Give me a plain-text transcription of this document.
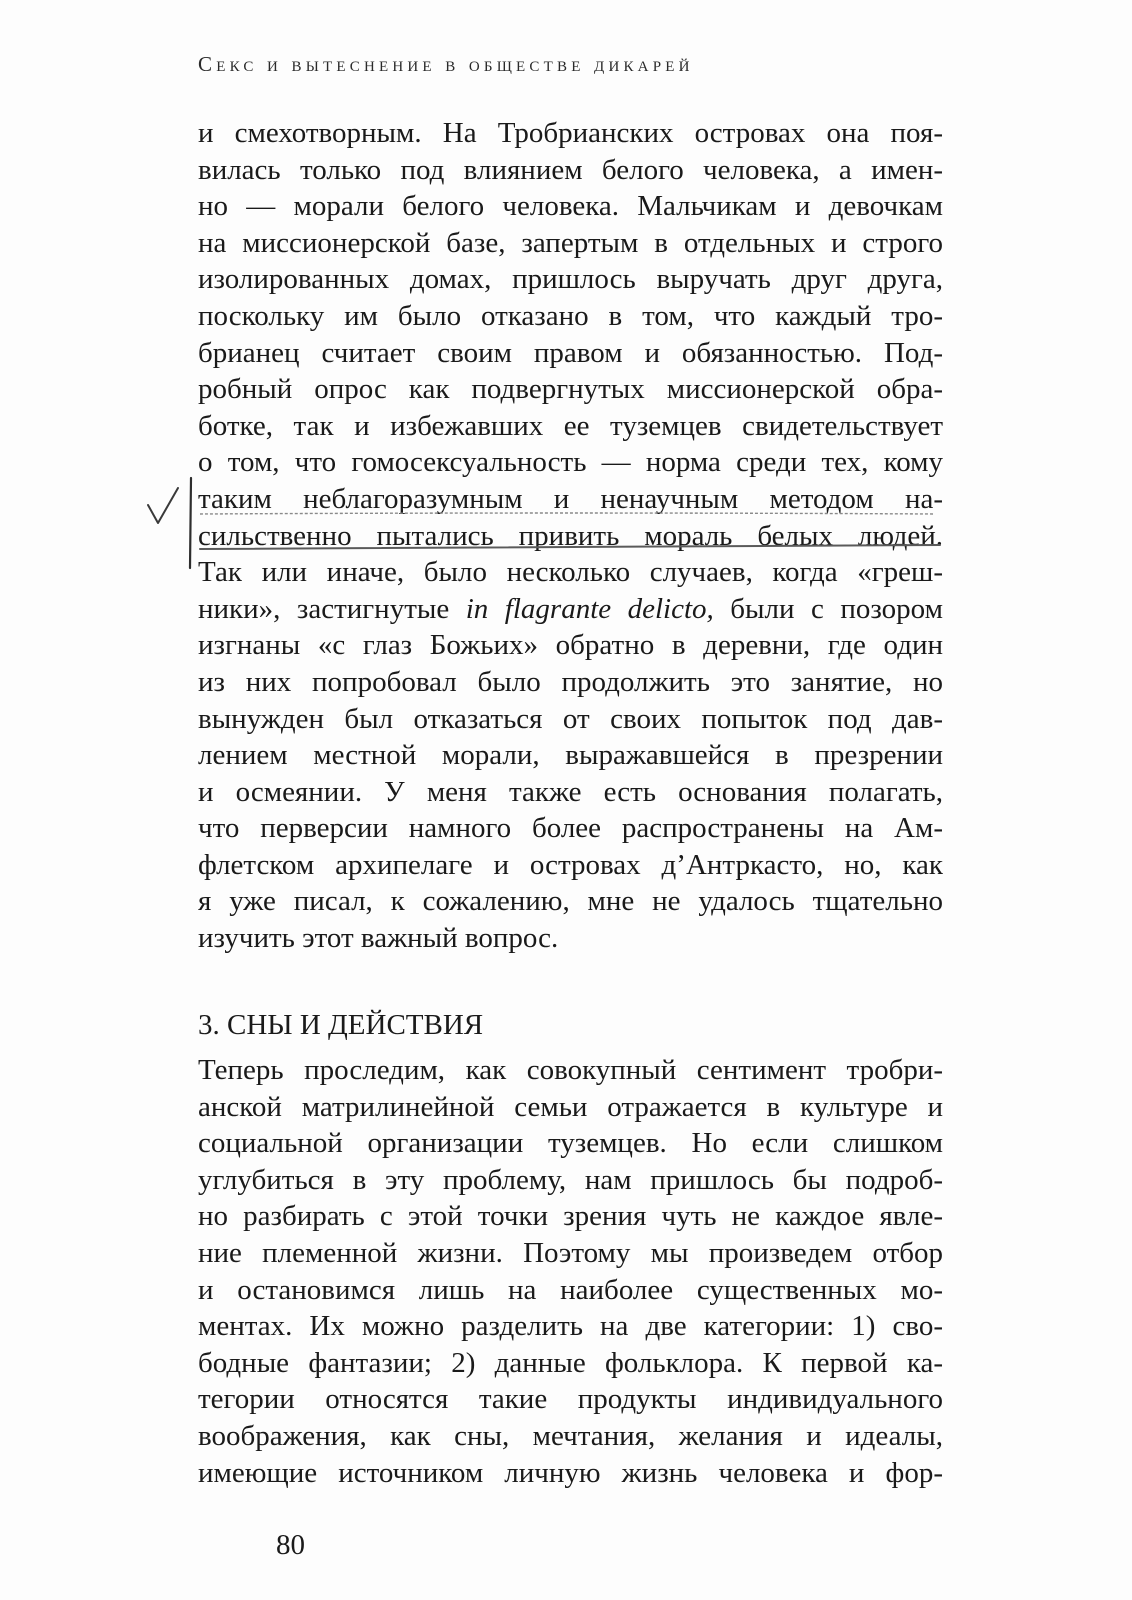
Секс и вытеснение в обществе дикарей
и смехотворным. На Тробрианских островах она поя-
вилась только под влиянием белого человека, а имен-
но — морали белого человека. Мальчикам и девочкам
на миссионерской базе, запертым в отдельных и строго
изолированных домах, пришлось выручать друг друга,
поскольку им было отказано в том, что каждый тро-
брианец считает своим правом и обязанностью. Под-
робный опрос как подвергнутых миссионерской обра-
ботке, так и избежавших ее туземцев свидетельствует
о том, что гомосексуальность — норма среди тех, кому
таким неблагоразумным и ненаучным методом на-
сильственно пытались привить мораль белых людей.
Так или иначе, было несколько случаев, когда «греш-
ники», застигнутые in flagrante delicto, были с позором
изгнаны «с глаз Божьих» обратно в деревни, где один
из них попробовал было продолжить это занятие, но
вынужден был отказаться от своих попыток под дав-
лением местной морали, выражавшейся в презрении
и осмеянии. У меня также есть основания полагать,
что перверсии намного более распространены на Ам-
флетском архипелаге и островах д’Антркасто, но, как
я уже писал, к сожалению, мне не удалось тщательно
изучить этот важный вопрос.
3. СНЫ И ДЕЙСТВИЯ
Теперь проследим, как совокупный сентимент тробри-
анской матрилинейной семьи отражается в культуре и
социальной организации туземцев. Но если слишком
углубиться в эту проблему, нам пришлось бы подроб-
но разбирать с этой точки зрения чуть не каждое явле-
ние племенной жизни. Поэтому мы произведем отбор
и остановимся лишь на наиболее существенных мо-
ментах. Их можно разделить на две категории: 1) сво-
бодные фантазии; 2) данные фольклора. К первой ка-
тегории относятся такие продукты индивидуального
воображения, как сны, мечтания, желания и идеалы,
имеющие источником личную жизнь человека и фор-
80
